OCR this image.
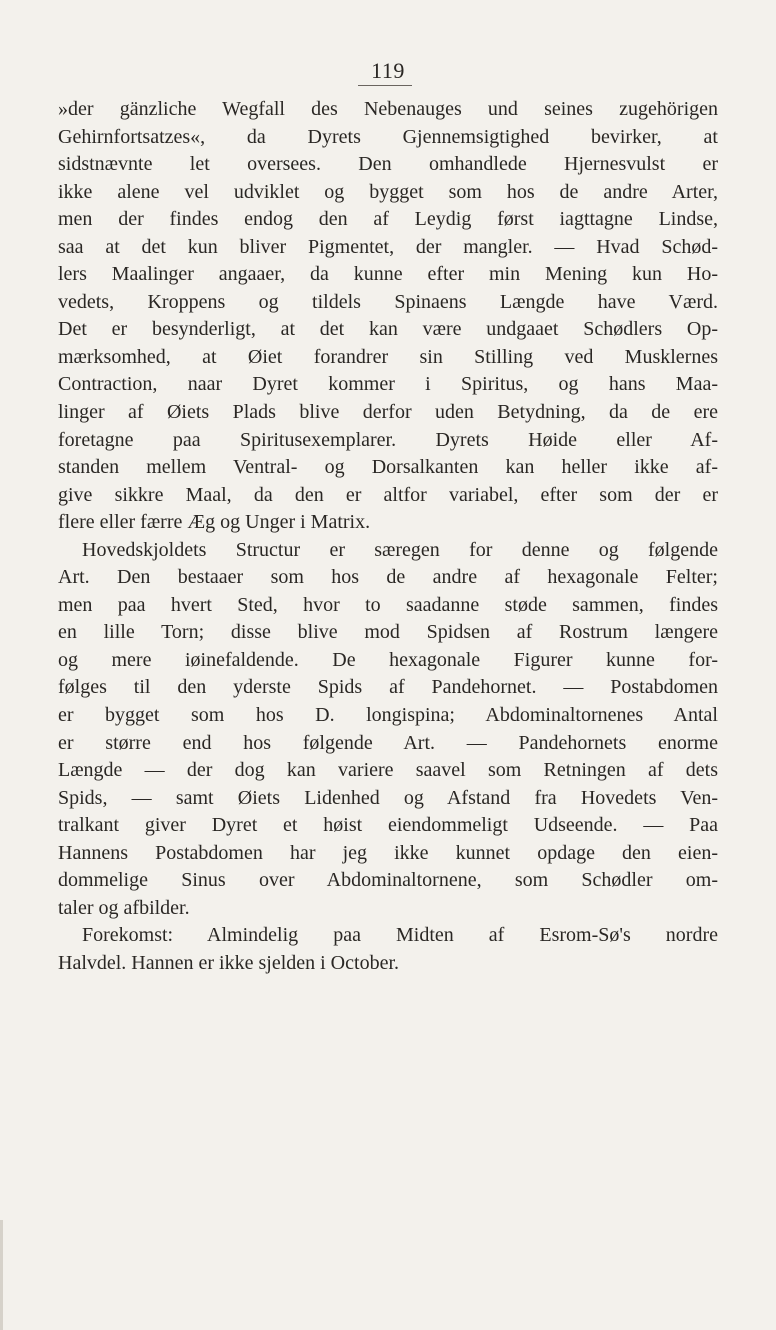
119
»der gänzliche Wegfall des Nebenauges und seines zugehörigen
Gehirnfortsatzes«, da Dyrets Gjennemsigtighed bevirker, at
sidstnævnte let oversees. Den omhandlede Hjernesvulst er
ikke alene vel udviklet og bygget som hos de andre Arter,
men der findes endog den af Leydig først iagttagne Lindse,
saa at det kun bliver Pigmentet, der mangler. — Hvad Schød-
lers Maalinger angaaer, da kunne efter min Mening kun Ho-
vedets, Kroppens og tildels Spinaens Længde have Værd.
Det er besynderligt, at det kan være undgaaet Schødlers Op-
mærksomhed, at Øiet forandrer sin Stilling ved Musklernes
Contraction, naar Dyret kommer i Spiritus, og hans Maa-
linger af Øiets Plads blive derfor uden Betydning, da de ere
foretagne paa Spiritusexemplarer. Dyrets Høide eller Af-
standen mellem Ventral- og Dorsalkanten kan heller ikke af-
give sikkre Maal, da den er altfor variabel, efter som der er
flere eller færre Æg og Unger i Matrix.
Hovedskjoldets Structur er særegen for denne og følgende
Art. Den bestaaer som hos de andre af hexagonale Felter;
men paa hvert Sted, hvor to saadanne støde sammen, findes
en lille Torn; disse blive mod Spidsen af Rostrum længere
og mere iøinefaldende. De hexagonale Figurer kunne for-
følges til den yderste Spids af Pandehornet. — Postabdomen
er bygget som hos D. longispina; Abdominaltornenes Antal
er større end hos følgende Art. — Pandehornets enorme
Længde — der dog kan variere saavel som Retningen af dets
Spids, — samt Øiets Lidenhed og Afstand fra Hovedets Ven-
tralkant giver Dyret et høist eiendommeligt Udseende. — Paa
Hannens Postabdomen har jeg ikke kunnet opdage den eien-
dommelige Sinus over Abdominaltornene, som Schødler om-
taler og afbilder.
Forekomst: Almindelig paa Midten af Esrom-Sø's nordre
Halvdel. Hannen er ikke sjelden i October.
